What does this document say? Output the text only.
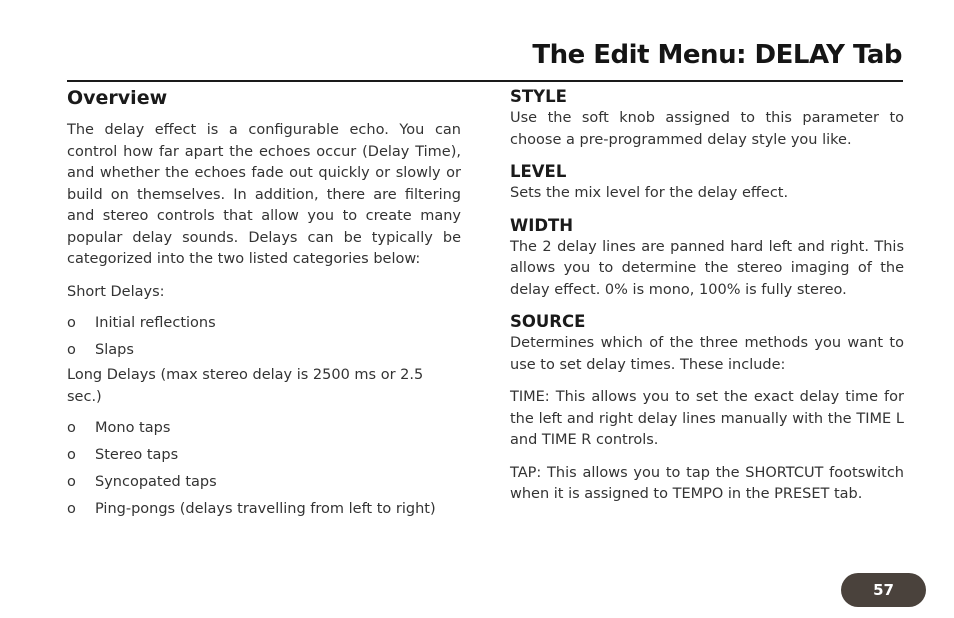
The Edit Menu: DELAY Tab
Overview

The delay effect is a configurable echo. You can control how far apart the echoes occur (Delay Time), and whether the echoes fade out quickly or slowly or build on themselves. In addition, there are filtering and stereo controls that allow you to create many popular delay sounds. Delays can be typically be categorized into the two listed categories below:

Short Delays:

o	Initial reflections
o	Slaps

Long Delays (max stereo delay is 2500 ms or 2.5 sec.)

o	Mono taps
o	Stereo taps
o	Syncopated taps
o	Ping-pongs (delays travelling from left to right)
STYLE

Use the soft knob assigned to this parameter to choose a pre-programmed delay style you like.

LEVEL

Sets the mix level for the delay effect.

WIDTH

The 2 delay lines are panned hard left and right. This allows you to determine the stereo imaging of the delay effect. 0% is mono, 100% is fully stereo.

SOURCE

Determines which of the three methods you want to use to set delay times. These include:

TIME: This allows you to set the exact delay time for the left and right delay lines manually with the TIME L and TIME R controls.

TAP: This allows you to tap the SHORTCUT footswitch when it is assigned to TEMPO in the PRESET tab.

57
